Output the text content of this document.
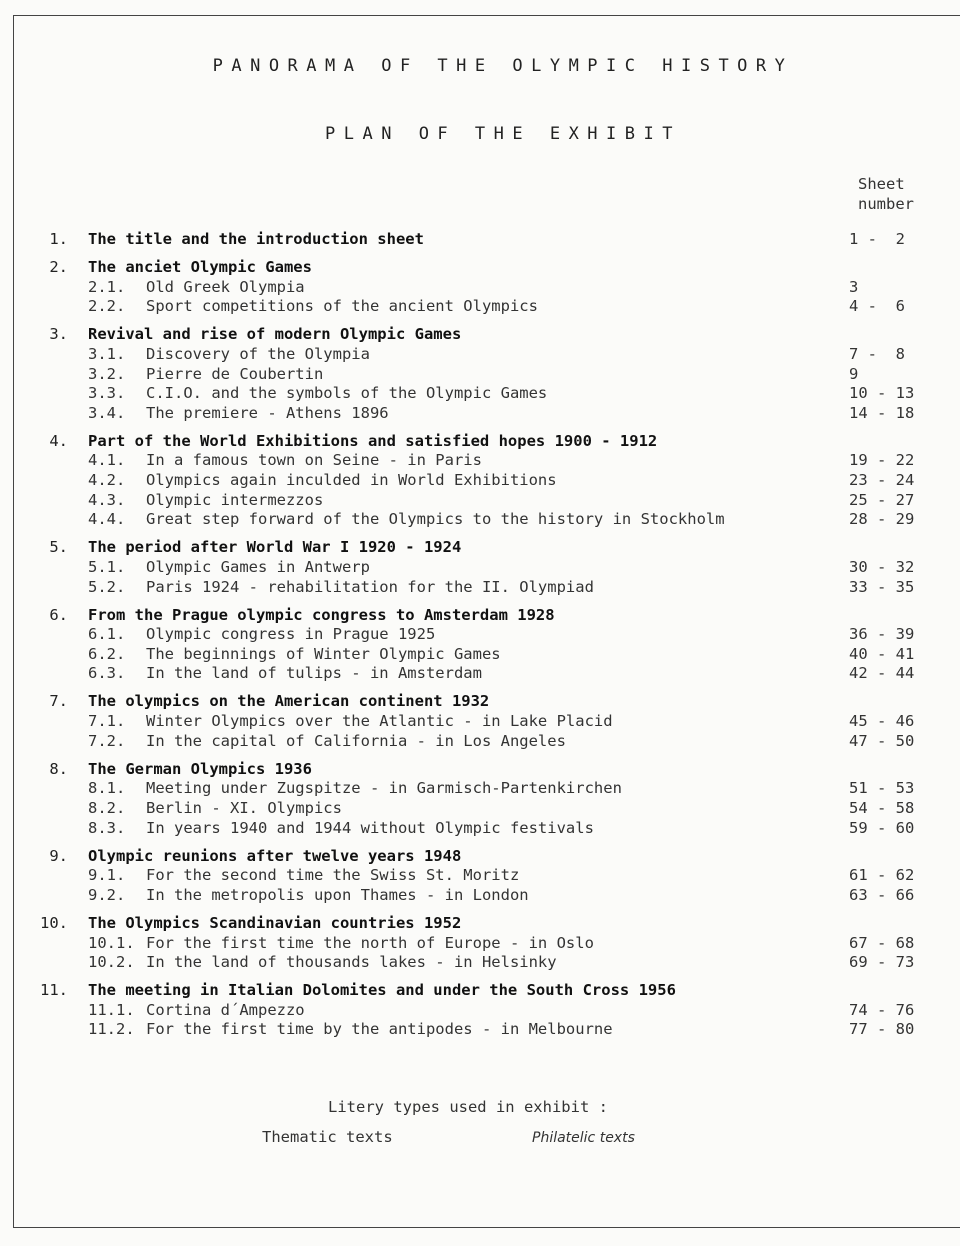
PANORAMA OF THE OLYMPIC HISTORY
PLAN OF THE EXHIBIT
Sheet
number
1. The title and the introduction sheet	1 -  2
2. The anciet Olympic Games
2.1. Old Greek Olympia	3
2.2. Sport competitions of the ancient Olympics	4 -  6
3. Revival and rise of modern Olympic Games
3.1. Discovery of the Olympia	7 -  8
3.2. Pierre de Coubertin	9
3.3. C.I.O. and the symbols of the Olympic Games	10 - 13
3.4. The premiere - Athens 1896	14 - 18
4. Part of the World Exhibitions and satisfied hopes 1900 - 1912
4.1. In a famous town on Seine - in Paris	19 - 22
4.2. Olympics again inculded in World Exhibitions	23 - 24
4.3. Olympic intermezzos	25 - 27
4.4. Great step forward of the Olympics to the history in Stockholm	28 - 29
5. The period after World War I 1920 - 1924
5.1. Olympic Games in Antwerp	30 - 32
5.2. Paris 1924 - rehabilitation for the II. Olympiad	33 - 35
6. From the Prague olympic congress to Amsterdam 1928
6.1. Olympic congress in Prague 1925	36 - 39
6.2. The beginnings of Winter Olympic Games	40 - 41
6.3. In the land of tulips - in Amsterdam	42 - 44
7. The olympics on the American continent 1932
7.1. Winter Olympics over the Atlantic - in Lake Placid	45 - 46
7.2. In the capital of California - in Los Angeles	47 - 50
8. The German Olympics 1936
8.1. Meeting under Zugspitze - in Garmisch-Partenkirchen	51 - 53
8.2. Berlin - XI. Olympics	54 - 58
8.3. In years 1940 and 1944 without Olympic festivals	59 - 60
9. Olympic reunions after twelve years 1948
9.1. For the second time the Swiss St. Moritz	61 - 62
9.2. In the metropolis upon Thames - in London	63 - 66
10. The Olympics Scandinavian countries 1952
10.1. For the first time the north of Europe - in Oslo	67 - 68
10.2. In the land of thousands lakes - in Helsinky	69 - 73
11. The meeting in Italian Dolomites and under the South Cross 1956
11.1. Cortina d´Ampezzo	74 - 76
11.2. For the first time by the antipodes - in Melbourne	77 - 80
Litery types used in exhibit :
Thematic texts	Philatelic texts
